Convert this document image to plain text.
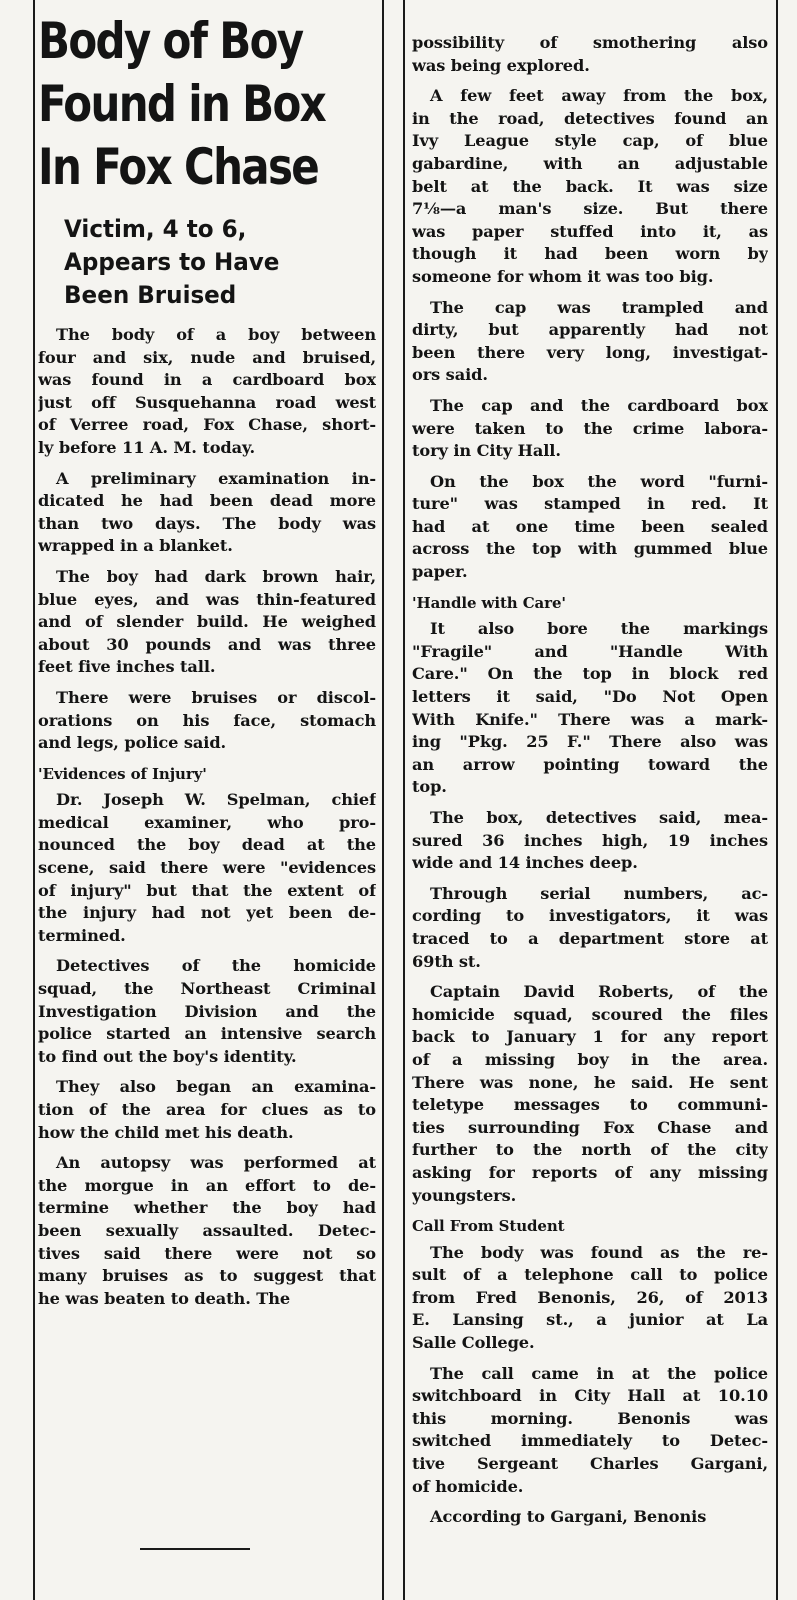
Body of Boy
Found in Box
In Fox Chase
Victim, 4 to 6,
Appears to Have
Been Bruised
The body of a boy between
four and six, nude and bruised,
was found in a cardboard box
just off Susquehanna road west
of Verree road, Fox Chase, short-
ly before 11 A. M. today.
A preliminary examination in-
dicated he had been dead more
than two days. The body was
wrapped in a blanket.
The boy had dark brown hair,
blue eyes, and was thin-featured
and of slender build. He weighed
about 30 pounds and was three
feet five inches tall.
There were bruises or discol-
orations on his face, stomach
and legs, police said.
'Evidences of Injury'
Dr. Joseph W. Spelman, chief
medical examiner, who pro-
nounced the boy dead at the
scene, said there were "evidences
of injury" but that the extent of
the injury had not yet been de-
termined.
Detectives of the homicide
squad, the Northeast Criminal
Investigation Division and the
police started an intensive search
to find out the boy's identity.
They also began an examina-
tion of the area for clues as to
how the child met his death.
An autopsy was performed at
the morgue in an effort to de-
termine whether the boy had
been sexually assaulted. Detec-
tives said there were not so
many bruises as to suggest that
he was beaten to death. The
possibility of smothering also
was being explored.
A few feet away from the box,
in the road, detectives found an
Ivy League style cap, of blue
gabardine, with an adjustable
belt at the back. It was size
7⅛—a man's size. But there
was paper stuffed into it, as
though it had been worn by
someone for whom it was too big.
The cap was trampled and
dirty, but apparently had not
been there very long, investigat-
ors said.
The cap and the cardboard box
were taken to the crime labora-
tory in City Hall.
On the box the word "furni-
ture" was stamped in red. It
had at one time been sealed
across the top with gummed blue
paper.
'Handle with Care'
It also bore the markings
"Fragile" and "Handle With
Care." On the top in block red
letters it said, "Do Not Open
With Knife." There was a mark-
ing "Pkg. 25 F." There also was
an arrow pointing toward the
top.
The box, detectives said, mea-
sured 36 inches high, 19 inches
wide and 14 inches deep.
Through serial numbers, ac-
cording to investigators, it was
traced to a department store at
69th st.
Captain David Roberts, of the
homicide squad, scoured the files
back to January 1 for any report
of a missing boy in the area.
There was none, he said. He sent
teletype messages to communi-
ties surrounding Fox Chase and
further to the north of the city
asking for reports of any missing
youngsters.
Call From Student
The body was found as the re-
sult of a telephone call to police
from Fred Benonis, 26, of 2013
E. Lansing st., a junior at La
Salle College.
The call came in at the police
switchboard in City Hall at 10.10
this morning. Benonis was
switched immediately to Detec-
tive Sergeant Charles Gargani,
of homicide.
According to Gargani, Benonis
